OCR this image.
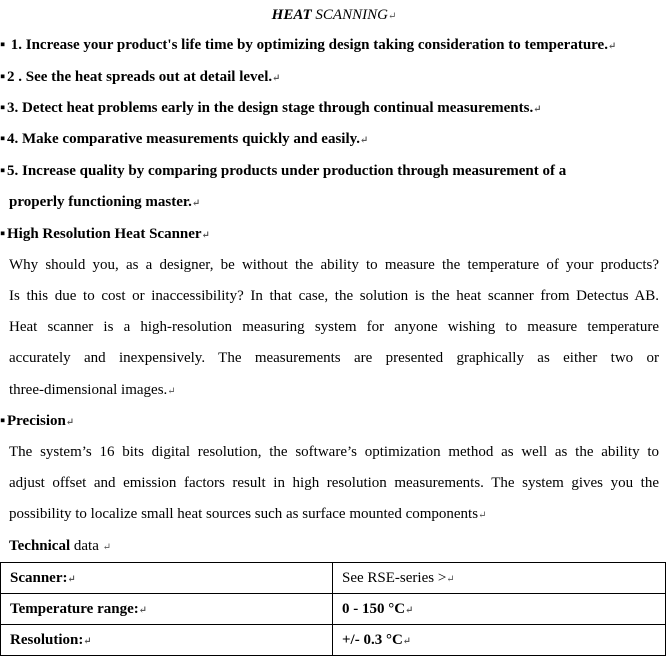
HEAT SCANNING↵
▪ 1. Increase your product's life time by optimizing design taking consideration to temperature.↵
▪ 2 . See the heat spreads out at detail level.↵
▪ 3. Detect heat problems early in the design stage through continual measurements.↵
▪ 4. Make comparative measurements quickly and easily.↵
▪ 5. Increase quality by comparing products under production through measurement of a
properly functioning master.↵
▪ High Resolution Heat Scanner↵
Why should you, as a designer, be without the ability to measure the temperature of your products?
Is this due to cost or inaccessibility? In that case, the solution is the heat scanner from Detectus AB.
Heat scanner is a high-resolution measuring system for anyone wishing to measure temperature
accurately and inexpensively. The measurements are presented graphically as either two or
three-dimensional images.↵
▪ Precision↵
The system’s 16 bits digital resolution, the software’s optimization method as well as the ability to
adjust offset and emission factors result in high resolution measurements. The system gives you the
possibility to localize small heat sources such as surface mounted components↵
Technical data ↵
Scanner:↵	See RSE-series >↵
Temperature range:↵	0 - 150 °C↵
Resolution:↵	+/- 0.3 °C↵
